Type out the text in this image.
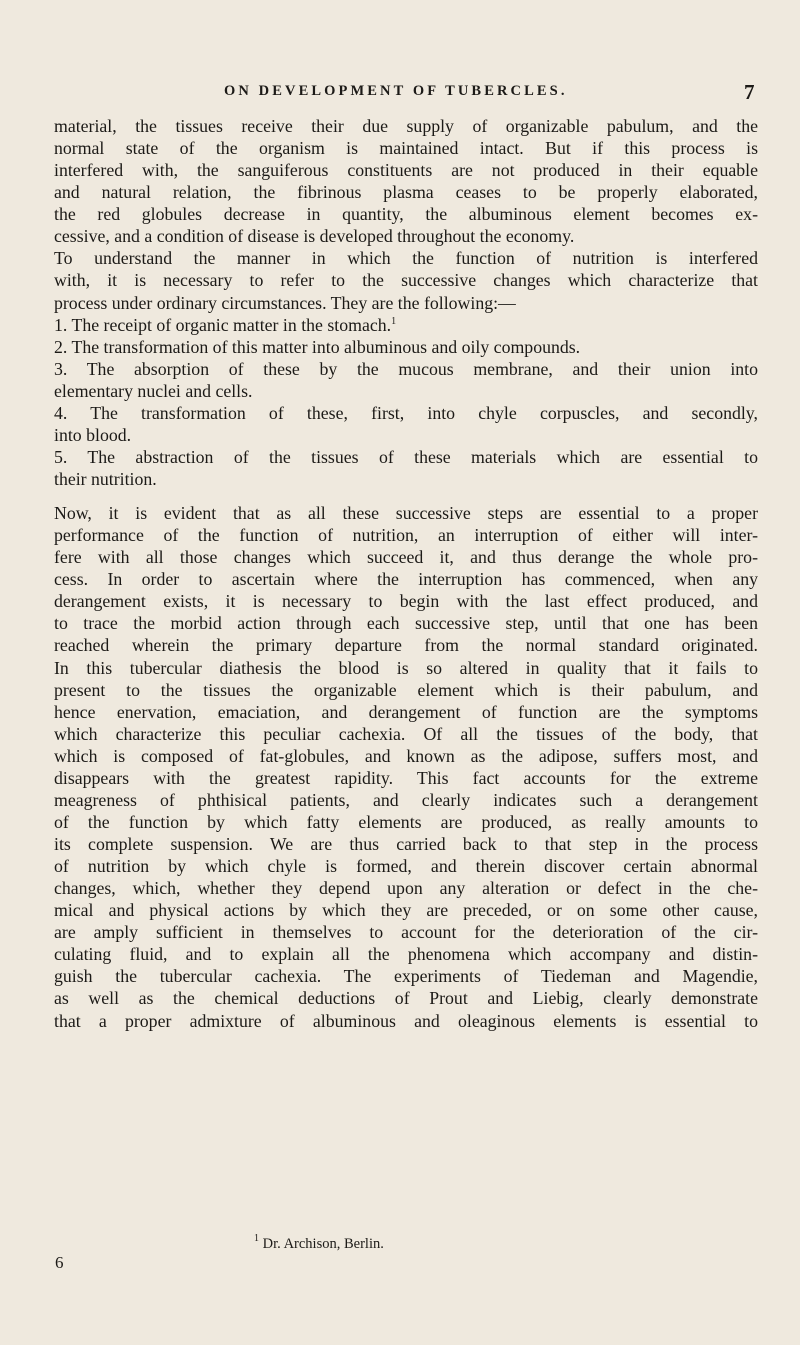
ON DEVELOPMENT OF TUBERCLES.	7
material, the tissues receive their due supply of organizable pabulum, and the
normal state of the organism is maintained intact. But if this process is
interfered with, the sanguiferous constituents are not produced in their equable
and natural relation, the fibrinous plasma ceases to be properly elaborated,
the red globules decrease in quantity, the albuminous element becomes ex-
cessive, and a condition of disease is developed throughout the economy.
To understand the manner in which the function of nutrition is interfered
with, it is necessary to refer to the successive changes which characterize that
process under ordinary circumstances. They are the following:—
1. The receipt of organic matter in the stomach.$^1$
2. The transformation of this matter into albuminous and oily compounds.
3. The absorption of these by the mucous membrane, and their union into
elementary nuclei and cells.
4. The transformation of these, first, into chyle corpuscles, and secondly,
into blood.
5. The abstraction of the tissues of these materials which are essential to
their nutrition.
Now, it is evident that as all these successive steps are essential to a proper
performance of the function of nutrition, an interruption of either will inter-
fere with all those changes which succeed it, and thus derange the whole pro-
cess. In order to ascertain where the interruption has commenced, when any
derangement exists, it is necessary to begin with the last effect produced, and
to trace the morbid action through each successive step, until that one has been
reached wherein the primary departure from the normal standard originated.
In this tubercular diathesis the blood is so altered in quality that it fails to
present to the tissues the organizable element which is their pabulum, and
hence enervation, emaciation, and derangement of function are the symptoms
which characterize this peculiar cachexia. Of all the tissues of the body, that
which is composed of fat-globules, and known as the adipose, suffers most, and
disappears with the greatest rapidity. This fact accounts for the extreme
meagreness of phthisical patients, and clearly indicates such a derangement
of the function by which fatty elements are produced, as really amounts to
its complete suspension. We are thus carried back to that step in the process
of nutrition by which chyle is formed, and therein discover certain abnormal
changes, which, whether they depend upon any alteration or defect in the che-
mical and physical actions by which they are preceded, or on some other cause,
are amply sufficient in themselves to account for the deterioration of the cir-
culating fluid, and to explain all the phenomena which accompany and distin-
guish the tubercular cachexia. The experiments of Tiedeman and Magendie,
as well as the chemical deductions of Prout and Liebig, clearly demonstrate
that a proper admixture of albuminous and oleaginous elements is essential to
$^1$ Dr. Archison, Berlin.
6
